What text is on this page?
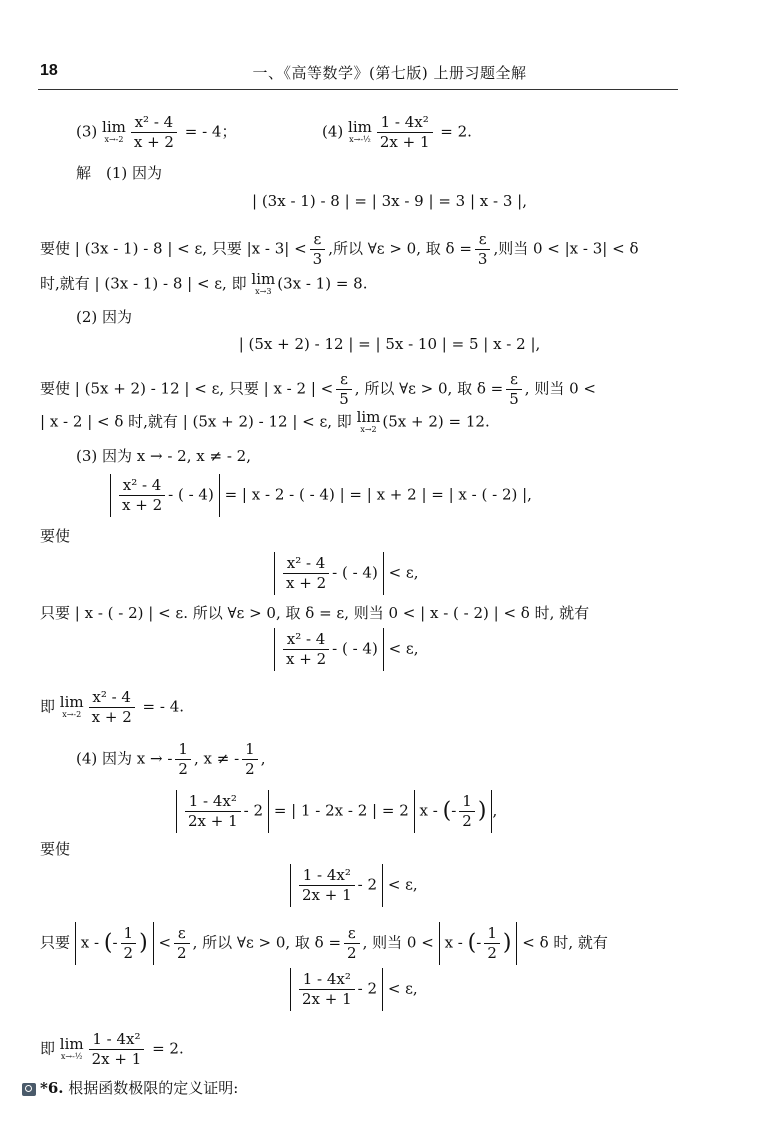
18	一、《高等数学》(第七版) 上册习题全解
(3) lim
$x\to-2 \frac{\text{x² - 4}}{x + 2}$ = - 4；	(4) lim
x→-½ $\frac{\text{1 - 4x²}}{2x + 1} = 2$.
解　(1) 因为
| (3x - 1) - 8 | = | 3x - 9 | = 3 | x - 3 |,
要使 | (3x - 1) - 8 | < ε, 只要 $|x - 3| < \frac{\varepsilon}{3}$ ,所以 ∀ε > 0, 取 $\delta = \frac{\varepsilon}{3}$ ,则当 0 < |x - 3| < δ
时,就有 | (3x - 1) - 8 | < ε, 即 lim
x→3 (3x - 1) = 8.
(2) 因为
| (5x + 2) - 12 | = | 5x - 10 | = 5 | x - 2 |,
要使 | (5x + 2) - 12 | < ε, 只要 | x - 2 | < $\frac{\varepsilon}{5}$ , 所以 ∀ε > 0, 取 $\delta = \frac{\varepsilon}{5}$ , 则当 0 <
| x - 2 | < δ 时,就有 | (5x + 2) - 12 | < ε, 即 lim
x→2 (5x + 2) = 12.
(3) 因为 x → - 2, x ≠ - 2,
$\frac{\text{x² - 4}}{x + 2}$ - ( - 4) = | x - 2 - ( - 4) | = | x + 2 | = | x - ( - 2) |,
要使
$\frac{\text{x² - 4}}{x + 2}$ - ( - 4) < ε,
只要 | x - ( - 2) | < ε. 所以 ∀ε > 0, 取 δ = ε, 则当 0 < | x - ( - 2) | < δ 时, 就有
$\frac{\text{x² - 4}}{x + 2}$ - ( - 4) < ε,
即 lim
$x\to-2 \frac{\text{x² - 4}}{x + 2}$ = - 4.
(4) 因为 x → - $\frac{1}{2}$ , x ≠ - $\frac{1}{2}$ ,
$\frac{\text{1 - 4x²}}{2x + 1} - 2$ = | 1 - 2x - 2 | = 2 x - (- $\frac{1}{2}$ ) ,
要使
$\frac{\text{1 - 4x²}}{2x + 1} - 2 < \varepsilon$,
只要 x - (- $\frac{1}{2}$ ) < $\frac{\varepsilon}{2}$ , 所以 ∀ε > 0, 取 $\delta = \frac{\varepsilon}{2}$ , 则当 0 < x - (- $\frac{1}{2}$ ) < δ 时, 就有
$\frac{\text{1 - 4x²}}{2x + 1} - 2 < \varepsilon$,
即 lim
x→-½ $\frac{\text{1 - 4x²}}{2x + 1} = 2$.
*6. 根据函数极限的定义证明:
